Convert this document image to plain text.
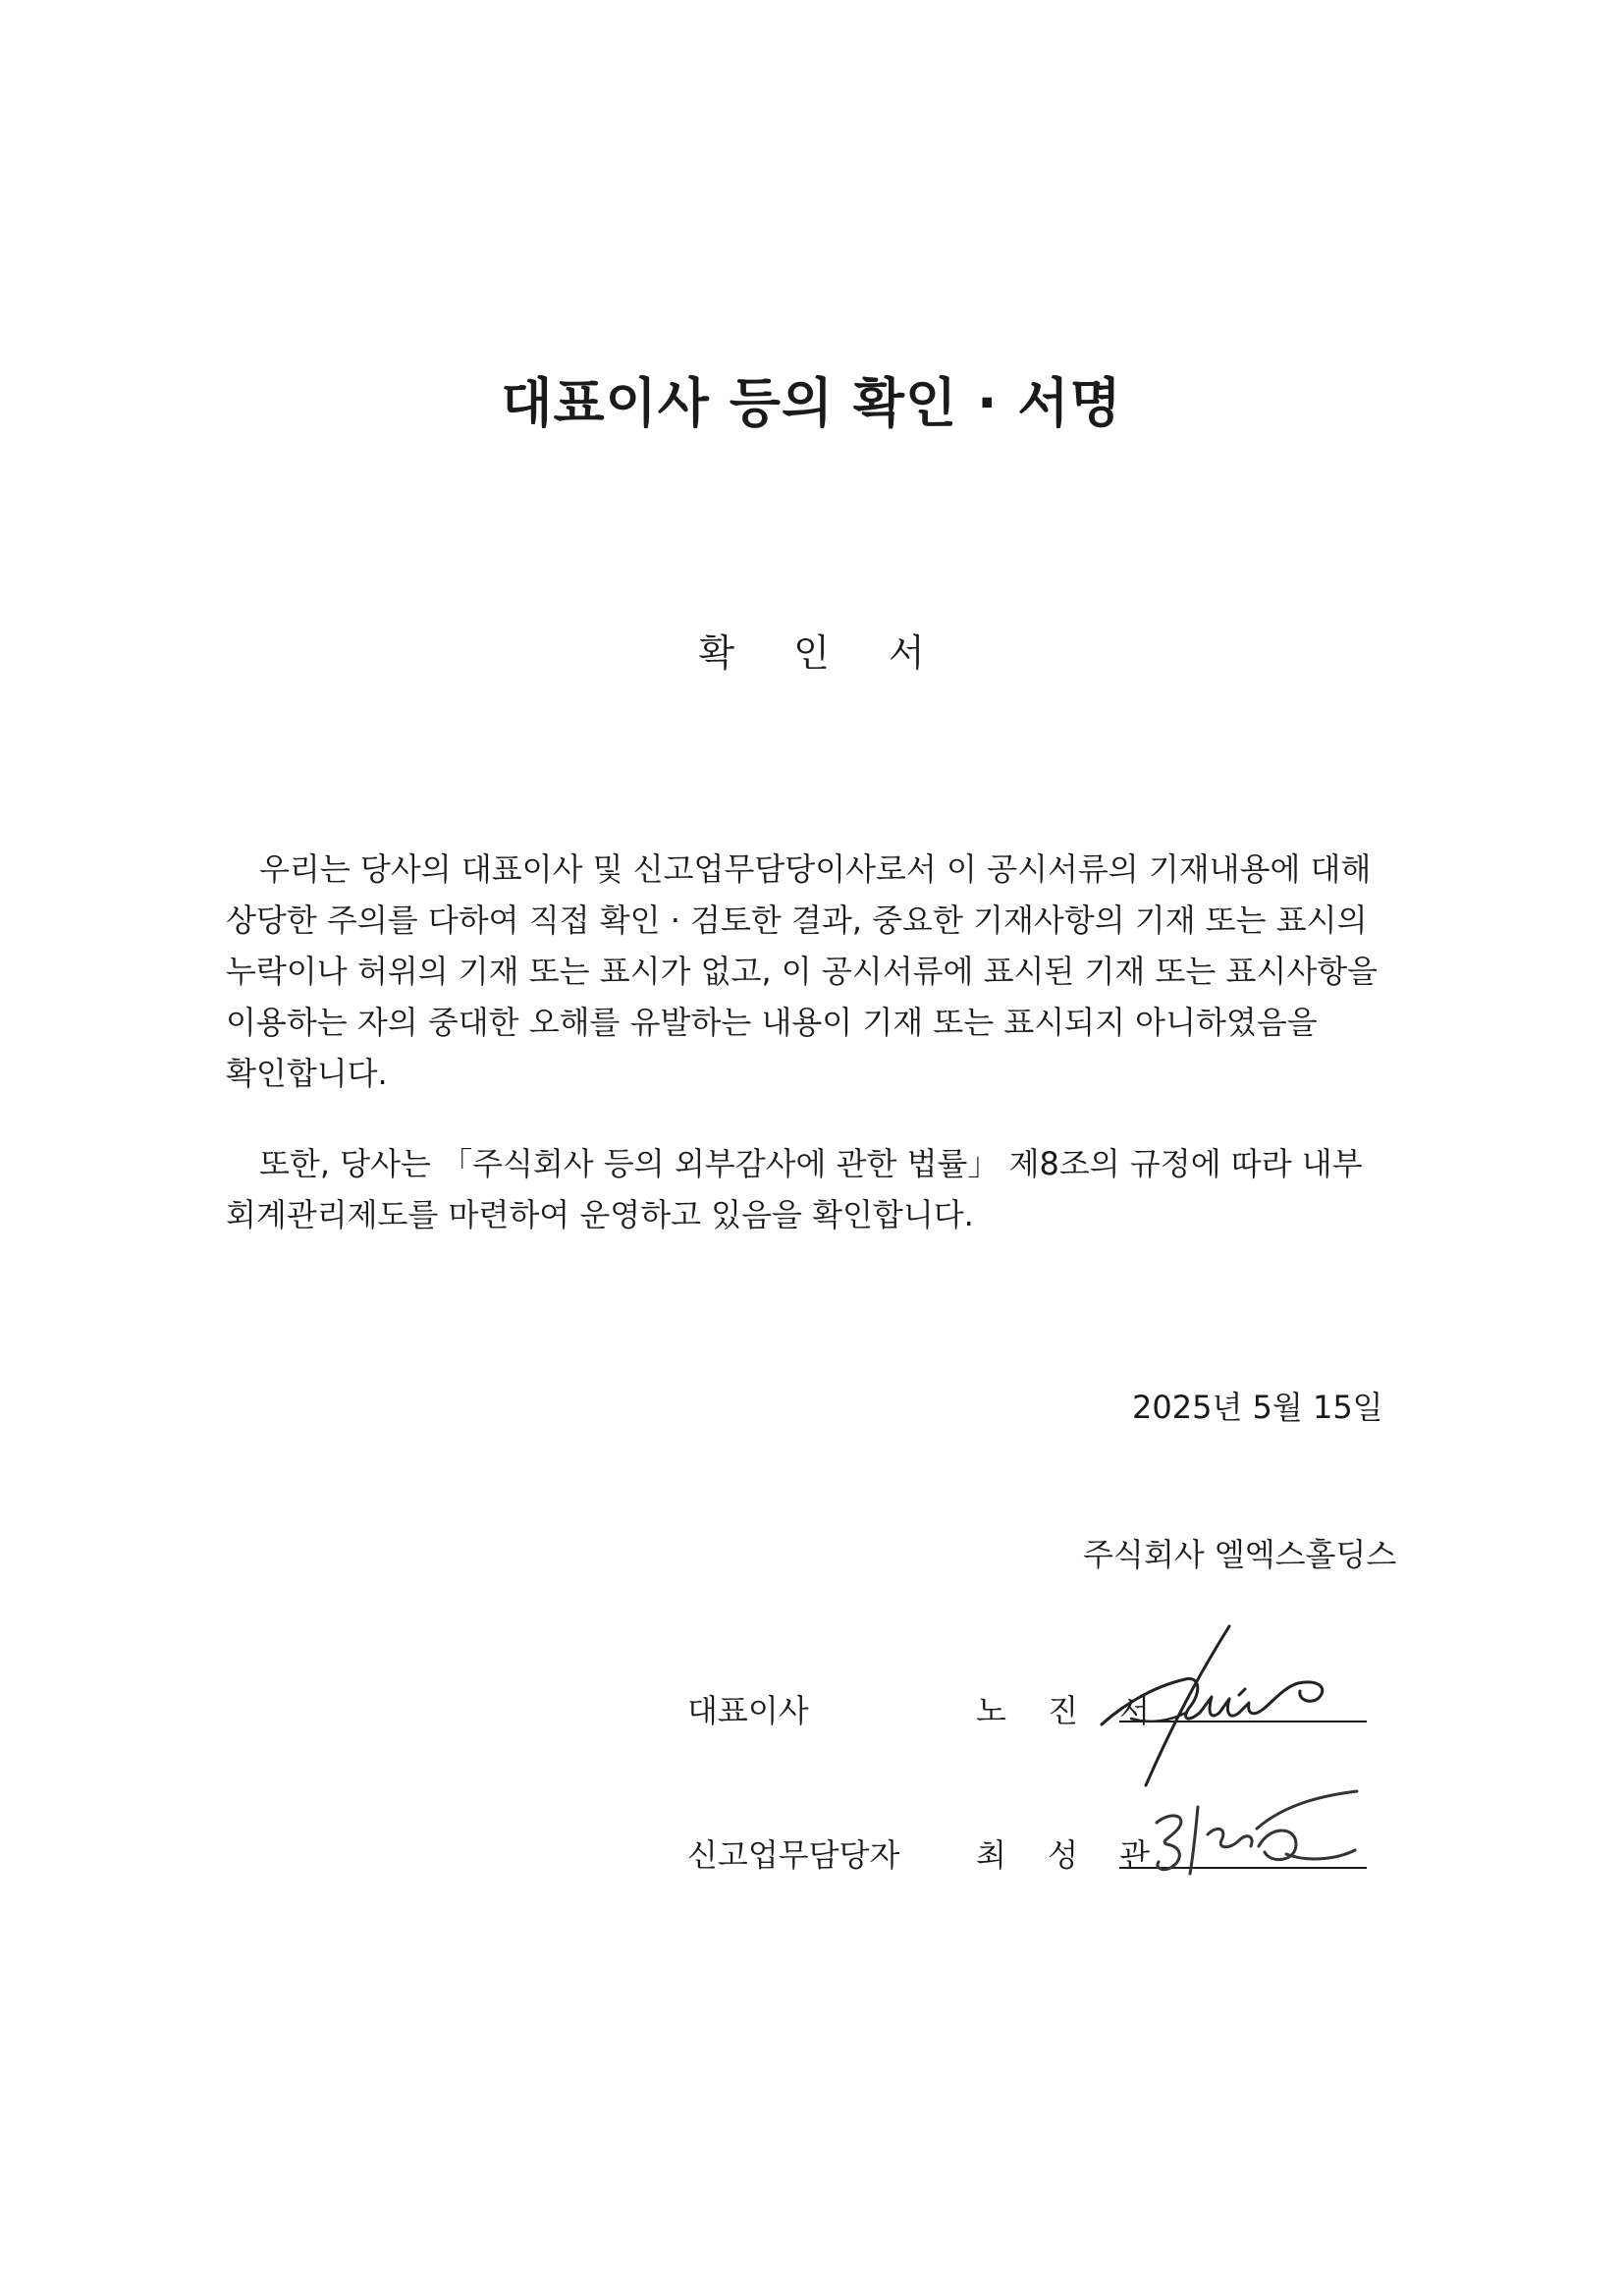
대표이사 등의 확인 · 서명
확 인 서

우리는 당사의 대표이사 및 신고업무담당이사로서 이 공시서류의 기재내용에 대해
상당한 주의를 다하여 직접 확인 · 검토한 결과, 중요한 기재사항의 기재 또는 표시의
누락이나 허위의 기재 또는 표시가 없고, 이 공시서류에 표시된 기재 또는 표시사항을
이용하는 자의 중대한 오해를 유발하는 내용이 기재 또는 표시되지 아니하였음을
확인합니다.

또한, 당사는 「주식회사 등의 외부감사에 관한 법률」 제8조의 규정에 따라 내부
회계관리제도를 마련하여 운영하고 있음을 확인합니다.

2025년 5월 15일
주식회사 엘엑스홀딩스
대표이사	노 진 서
신고업무담당자 최 성 관
